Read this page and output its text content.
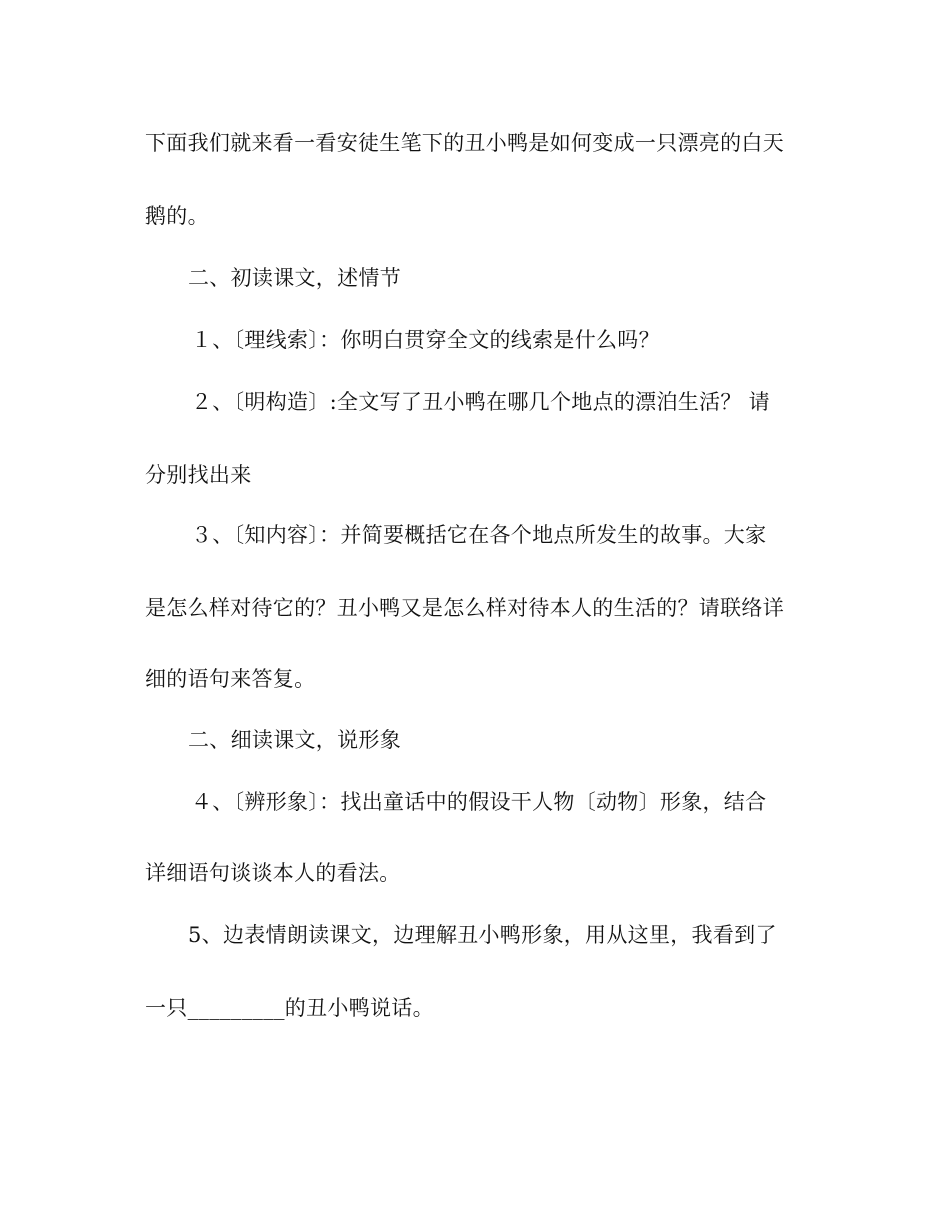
下面我们就来看一看安徒生笔下的丑小鸭是如何变成一只漂亮的白天
鹅的。
二、初读课文，述情节
１、〔理线索〕：你明白贯穿全文的线索是什么吗？
２、〔明构造〕:全文写了丑小鸭在哪几个地点的漂泊生活？ 请
分别找出来
３、〔知内容〕：并简要概括它在各个地点所发生的故事。大家
是怎么样对待它的？丑小鸭又是怎么样对待本人的生活的？请联络详
细的语句来答复。
二、细读课文，说形象
４、〔辨形象〕：找出童话中的假设干人物〔动物〕形象，结合
详细语句谈谈本人的看法。
5、边表情朗读课文，边理解丑小鸭形象，用从这里，我看到了
一只_________的丑小鸭说话。
